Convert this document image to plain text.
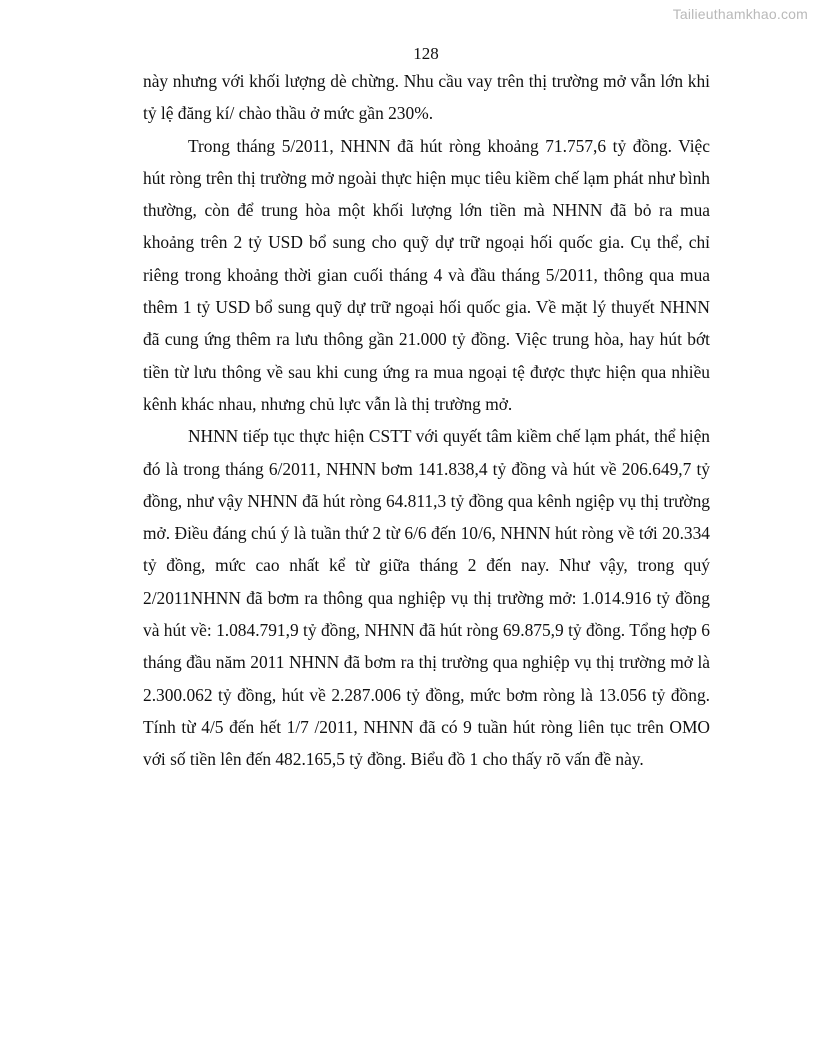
Tailieuthamkhao.com
128

này nhưng với khối lượng dè chừng. Nhu cầu vay trên thị trường mở vẫn lớn khi tỷ lệ đăng kí/ chào thầu ở mức gần 230%.

Trong tháng 5/2011, NHNN đã hút ròng khoảng 71.757,6 tỷ đồng. Việc hút ròng trên thị trường mở ngoài thực hiện mục tiêu kiềm chế lạm phát như bình thường, còn để trung hòa một khối lượng lớn tiền mà NHNN đã bỏ ra mua khoảng trên 2 tỷ USD bổ sung cho quỹ dự trữ ngoại hối quốc gia. Cụ thể, chỉ riêng trong khoảng thời gian cuối tháng 4 và đầu tháng 5/2011, thông qua mua thêm 1 tỷ USD bổ sung quỹ dự trữ ngoại hối quốc gia. Về mặt lý thuyết NHNN đã cung ứng thêm ra lưu thông gần 21.000 tỷ đồng. Việc trung hòa, hay hút bớt tiền từ lưu thông về sau khi cung ứng ra mua ngoại tệ được thực hiện qua nhiều kênh khác nhau, nhưng chủ lực vẫn là thị trường mở.

NHNN tiếp tục thực hiện CSTT với quyết tâm kiềm chế lạm phát, thể hiện đó là trong tháng 6/2011, NHNN bơm 141.838,4 tỷ đồng và hút về 206.649,7 tỷ đồng, như vậy NHNN đã hút ròng 64.811,3 tỷ đồng qua kênh ngiệp vụ thị trường mở. Điều đáng chú ý là tuần thứ 2 từ 6/6 đến 10/6, NHNN hút ròng về tới 20.334 tỷ đồng, mức cao nhất kể từ giữa tháng 2 đến nay. Như vậy, trong quý 2/2011NHNN đã bơm ra thông qua nghiệp vụ thị trường mở: 1.014.916 tỷ đồng và hút về: 1.084.791,9 tỷ đồng, NHNN đã hút ròng 69.875,9 tỷ đồng. Tổng hợp 6 tháng đầu năm 2011 NHNN đã bơm ra thị trường qua nghiệp vụ thị trường mở là 2.300.062 tỷ đồng, hút về 2.287.006 tỷ đồng, mức bơm ròng là 13.056 tỷ đồng. Tính từ 4/5 đến hết 1/7 /2011, NHNN đã có 9 tuần hút ròng liên tục trên OMO với số tiền lên đến 482.165,5 tỷ đồng. Biểu đồ 1 cho thấy rõ vấn đề này.
